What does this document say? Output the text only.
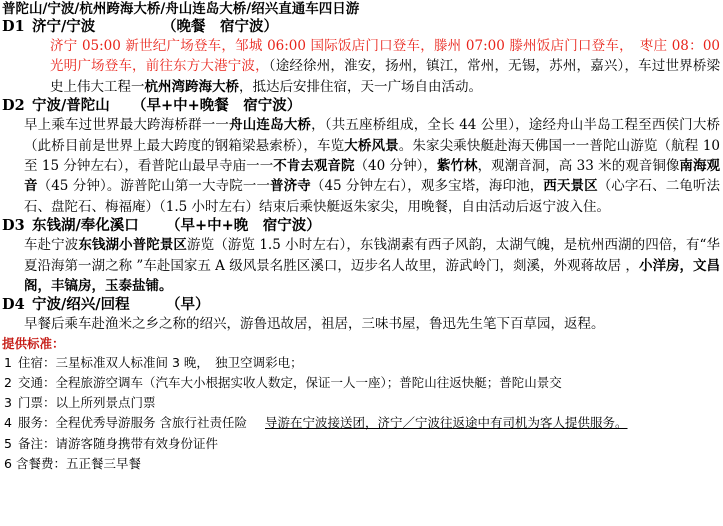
普陀山/宁波/杭州跨海大桥/舟山连岛大桥/绍兴直通车四日游
D1 济宁/宁波	（晚餐　宿宁波）
济宁 05:00 新世纪广场登车，邹城 06:00 国际饭店门口登车，滕州 07:00 滕州饭店门口登车，　枣庄 08：00 光明广场登车，前往东方大港宁波，（途经徐州，淮安，扬州，镇江，常州，无锡，苏州，嘉兴），车过世界桥梁史上伟大工程一杭州湾跨海大桥，抵达后安排住宿，天一广场自由活动。
D2 宁波/普陀山 （早+中+晚餐　宿宁波）
早上乘车过世界最大跨海桥群一一舟山连岛大桥，（共五座桥组成，全长 44 公里），途经舟山半岛工程至西侯门大桥（此桥目前是世界上最大跨度的钢箱梁悬索桥），车览大桥风景。朱家尖乘快艇赴海天佛国一一普陀山游览（航程 10 至 15 分钟左右），看普陀山最早寺庙一一不肯去观音院（40 分钟），紫竹林，观潮音洞，高 33 米的观音铜像南海观音（45 分钟）。游普陀山第一大寺院一一普济寺（45 分钟左右），观多宝塔，海印池，西天景区（心字石、二龟听法石、盘陀石、梅福庵）（1.5 小时左右）结束后乘快艇返朱家尖，用晚餐，自由活动后返宁波入住。
D3 东钱湖/奉化溪口 （早+中+晚　宿宁波）
车赴宁波东钱湖小普陀景区游览（游览 1.5 小时左右），东钱湖素有西子风韵，太湖气魄，是杭州西湖的四倍，有“华夏沿海第一湖之称 ”车赴国家五 A 级风景名胜区溪口，迈步名人故里，游武岭门，剡溪，外观蒋故居 ，小洋房，文昌阁，丰镐房，玉泰盐铺。
D4 宁波/绍兴/回程	（早）
早餐后乘车赴渔米之乡之称的绍兴，游鲁迅故居，祖居，三味书屋，鲁迅先生笔下百草园，返程。
提供标准：
1 住宿：三星标准双人标准间 3 晚，　独卫空调彩电；
2 交通：全程旅游空调车（汽车大小根据实收人数定，保证一人一座）；普陀山往返快艇；普陀山景交
3 门票：以上所列景点门票
4 服务：全程优秀导游服务 含旅行社责任险 导游在宁波接送团，济宁／宁波往返途中有司机为客人提供服务。
5 备注：请游客随身携带有效身份证件
6 含餐费：五正餐三早餐
